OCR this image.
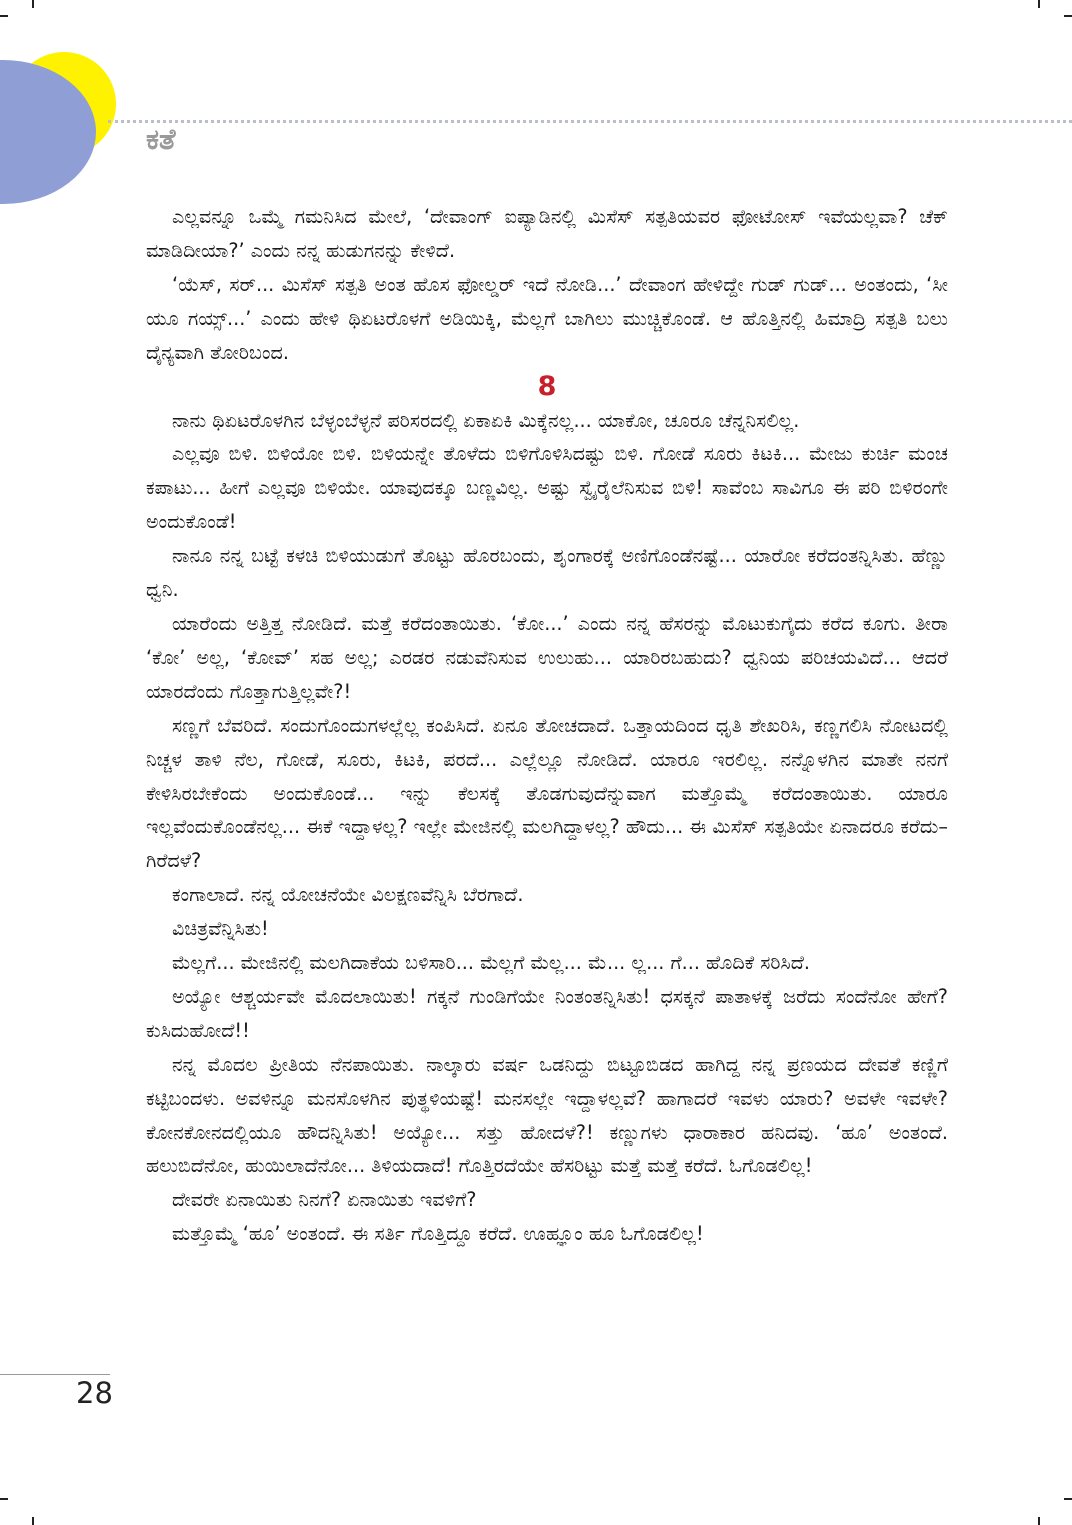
ಕತೆ

ಎಲ್ಲವನ್ನೂ ಒಮ್ಮೆ ಗಮನಿಸಿದ ಮೇಲೆ, ‘ದೇವಾಂಗ್ ಐಪ್ಯಾಡಿನಲ್ಲಿ ಮಿಸೆಸ್ ಸತ್ಪತಿಯವರ ಫೋಟೋಸ್ ಇವೆಯಲ್ಲವಾ? ಚೆಕ್ ಮಾಡಿದೀಯಾ?’ ಎಂದು ನನ್ನ ಹುಡುಗನನ್ನು ಕೇಳಿದೆ.

‘ಯೆಸ್, ಸರ್... ಮಿಸೆಸ್ ಸತ್ಪತಿ ಅಂತ ಹೊಸ ಫೋಲ್ಡರ್ ಇದೆ ನೋಡಿ...’ ದೇವಾಂಗ ಹೇಳಿದ್ದೇ ಗುಡ್ ಗುಡ್... ಅಂತಂದು, ‘ಸೀ ಯೂ ಗಯ್ಸ್...’ ಎಂದು ಹೇಳಿ ಥಿಏಟರೊಳಗೆ ಅಡಿಯಿಕ್ಕಿ, ಮೆಲ್ಲಗೆ ಬಾಗಿಲು ಮುಚ್ಚಿಕೊಂಡೆ. ಆ ಹೊತ್ತಿನಲ್ಲಿ ಹಿಮಾದ್ರಿ ಸತ್ಪತಿ ಬಲು ದೈನ್ಯವಾಗಿ ತೋರಿಬಂದ.

8

ನಾನು ಥಿಏಟರೊಳಗಿನ ಬೆಳ್ಳಂಬೆಳ್ಳನೆ ಪರಿಸರದಲ್ಲಿ ಏಕಾಏಕಿ ಮಿಕ್ಕೆನಲ್ಲ... ಯಾಕೋ, ಚೂರೂ ಚೆನ್ನನಿಸಲಿಲ್ಲ.

ಎಲ್ಲವೂ ಬಿಳಿ. ಬಿಳಿಯೋ ಬಿಳಿ. ಬಿಳಿಯನ್ನೇ ತೊಳೆದು ಬಿಳಿಗೊಳಿಸಿದಷ್ಟು ಬಿಳಿ. ಗೋಡೆ ಸೂರು ಕಿಟಕಿ... ಮೇಜು ಕುರ್ಚಿ ಮಂಚ ಕಪಾಟು... ಹೀಗೆ ಎಲ್ಲವೂ ಬಿಳಿಯೇ. ಯಾವುದಕ್ಕೂ ಬಣ್ಣವಿಲ್ಲ. ಅಷ್ಟು ಸ್ವೈರೈಲೆನಿಸುವ ಬಿಳಿ! ಸಾವೆಂಬ ಸಾವಿಗೂ ಈ ಪರಿ ಬಿಳಿರಂಗೇ ಅಂದುಕೊಂಡೆ!

ನಾನೂ ನನ್ನ ಬಟ್ಟೆ ಕಳಚಿ ಬಿಳಿಯುಡುಗೆ ತೊಟ್ಟು ಹೊರಬಂದು, ಶೃಂಗಾರಕ್ಕೆ ಅಣಿಗೊಂಡೆನಷ್ಟೆ... ಯಾರೋ ಕರೆದಂತನ್ನಿಸಿತು. ಹೆಣ್ಣು ಧ್ವನಿ.

ಯಾರೆಂದು ಅತ್ತಿತ್ತ ನೋಡಿದೆ. ಮತ್ತೆ ಕರೆದಂತಾಯಿತು. ‘ಕೋ...’ ಎಂದು ನನ್ನ ಹೆಸರನ್ನು ಮೊಟುಕುಗೈದು ಕರೆದ ಕೂಗು. ತೀರಾ ‘ಕೋ’ ಅಲ್ಲ, ‘ಕೋವ್’ ಸಹ ಅಲ್ಲ; ಎರಡರ ನಡುವೆನಿಸುವ ಉಲುಹು... ಯಾರಿರಬಹುದು? ಧ್ವನಿಯ ಪರಿಚಯವಿದೆ... ಆದರೆ ಯಾರದೆಂದು ಗೊತ್ತಾಗುತ್ತಿಲ್ಲವೇ?!

ಸಣ್ಣಗೆ ಬೆವರಿದೆ. ಸಂದುಗೊಂದುಗಳಲ್ಲೆಲ್ಲ ಕಂಪಿಸಿದೆ. ಏನೂ ತೋಚದಾದೆ. ಒತ್ತಾಯದಿಂದ ಧೃತಿ ಶೇಖರಿಸಿ, ಕಣ್ಣಗಲಿಸಿ ನೋಟದಲ್ಲಿ ನಿಚ್ಚಳ ತಾಳಿ ನೆಲ, ಗೋಡೆ, ಸೂರು, ಕಿಟಕಿ, ಪರದೆ... ಎಲ್ಲೆಲ್ಲೂ ನೋಡಿದೆ. ಯಾರೂ ಇರಲಿಲ್ಲ. ನನ್ನೊಳಗಿನ ಮಾತೇ ನನಗೆ ಕೇಳಿಸಿರಬೇಕೆಂದು ಅಂದುಕೊಂಡೆ... ಇನ್ನು ಕೆಲಸಕ್ಕೆ ತೊಡಗುವುದೆನ್ನುವಾಗ ಮತ್ತೊಮ್ಮೆ ಕರೆದಂತಾಯಿತು. ಯಾರೂ ಇಲ್ಲವೆಂದುಕೊಂಡೆನಲ್ಲ... ಈಕೆ ಇದ್ದಾಳಲ್ಲ? ಇಲ್ಲೇ ಮೇಜಿನಲ್ಲಿ ಮಲಗಿದ್ದಾಳಲ್ಲ? ಹೌದು... ಈ ಮಿಸೆಸ್ ಸತ್ಪತಿಯೇ ಏನಾದರೂ ಕರೆದು–ಗಿರೆದಳೆ?

ಕಂಗಾಲಾದೆ. ನನ್ನ ಯೋಚನೆಯೇ ವಿಲಕ್ಷಣವೆನ್ನಿಸಿ ಬೆರಗಾದೆ.

ವಿಚಿತ್ರವೆನ್ನಿಸಿತು!

ಮೆಲ್ಲಗೆ... ಮೇಜಿನಲ್ಲಿ ಮಲಗಿದಾಕೆಯ ಬಳಿಸಾರಿ... ಮೆಲ್ಲಗೆ ಮೆಲ್ಲ... ಮೆ... ಲ್ಲ... ಗೆ... ಹೊದಿಕೆ ಸರಿಸಿದೆ.

ಅಯ್ಯೋ ಆಶ್ಚರ್ಯವೇ ಮೊದಲಾಯಿತು! ಗಕ್ಕನೆ ಗುಂಡಿಗೆಯೇ ನಿಂತಂತನ್ನಿಸಿತು! ಧಸಕ್ಕನೆ ಪಾತಾಳಕ್ಕೆ ಜರೆದು ಸಂದೆನೋ ಹೇಗೆ? ಕುಸಿದುಹೋದೆ!!

ನನ್ನ ಮೊದಲ ಪ್ರೀತಿಯ ನೆನಪಾಯಿತು. ನಾಲ್ಕಾರು ವರ್ಷ ಒಡನಿದ್ದು ಬಿಟ್ಟೂಬಿಡದ ಹಾಗಿದ್ದ ನನ್ನ ಪ್ರಣಯದ ದೇವತೆ ಕಣ್ಣಿಗೆ ಕಟ್ಟಿಬಂದಳು. ಅವಳಿನ್ನೂ ಮನಸೊಳಗಿನ ಪುತ್ಥಳಿಯಷ್ಟೆ! ಮನಸಲ್ಲೇ ಇದ್ದಾಳಲ್ಲವೆ? ಹಾಗಾದರೆ ಇವಳು ಯಾರು? ಅವಳೇ ಇವಳೇ? ಕೋನಕೋನದಲ್ಲಿಯೂ ಹೌದನ್ನಿಸಿತು! ಅಯ್ಯೋ... ಸತ್ತು ಹೋದಳೆ?! ಕಣ್ಣುಗಳು ಧಾರಾಕಾರ ಹನಿದವು. ‘ಹೂ’ ಅಂತಂದೆ. ಹಲುಬಿದೆನೋ, ಹುಯಿಲಾದೆನೋ... ತಿಳಿಯದಾದೆ! ಗೊತ್ತಿರದೆಯೇ ಹೆಸರಿಟ್ಟು ಮತ್ತೆ ಮತ್ತೆ ಕರೆದೆ. ಓಗೊಡಲಿಲ್ಲ!

ದೇವರೇ ಏನಾಯಿತು ನಿನಗೆ? ಏನಾಯಿತು ಇವಳಿಗೆ?

ಮತ್ತೊಮ್ಮೆ ‘ಹೂ’ ಅಂತಂದೆ. ಈ ಸರ್ತಿ ಗೊತ್ತಿದ್ದೂ ಕರೆದೆ. ಊಹ್ಞೂಂ ಹೂ ಓಗೊಡಲಿಲ್ಲ!

28
